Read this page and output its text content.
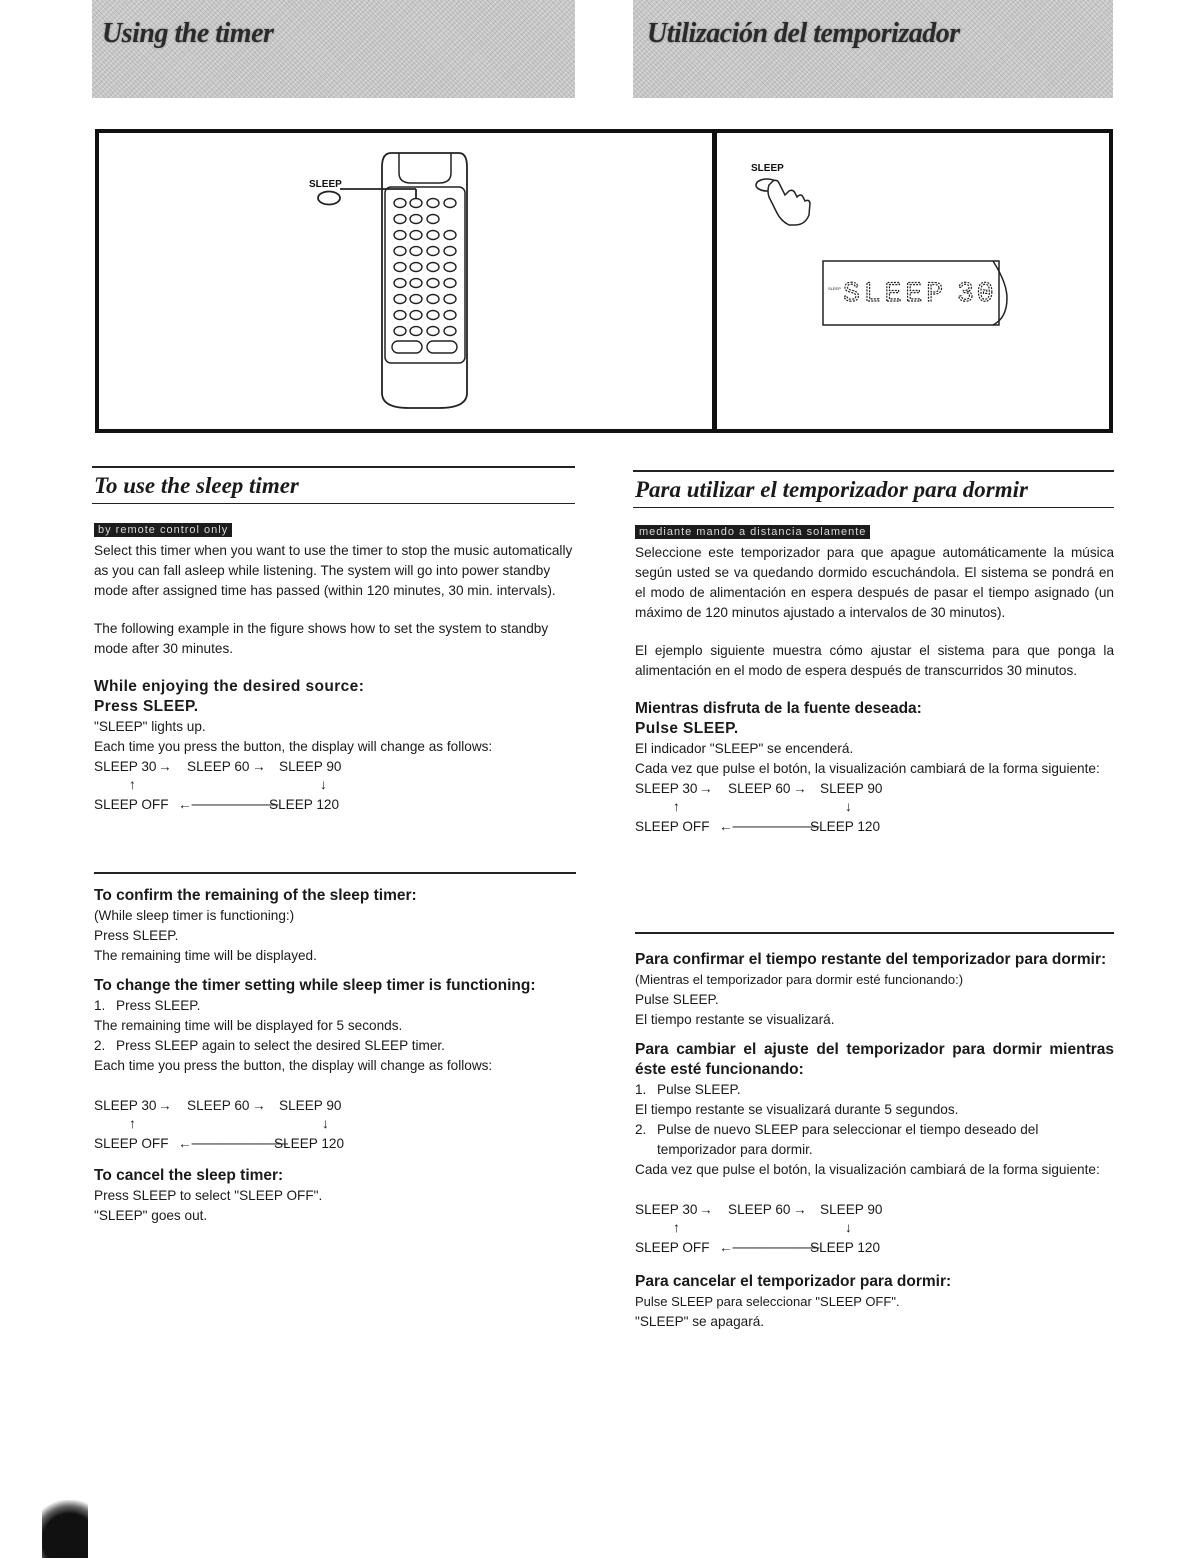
Using the timer	Utilización del temporizador
SLEEP
SLEEP
SLEEP SLEEP 30
To use the sleep timer
by remote control only

Select this timer when you want to use the timer to stop the music automatically as you can fall asleep while listening. The system will go into power standby mode after assigned time has passed (within 120 minutes, 30 min. intervals).

The following example in the figure shows how to set the system to standby mode after 30 minutes.

While enjoying the desired source:
Press SLEEP.

"SLEEP" lights up.

Each time you press the button, the display will change as follows:

SLEEP 30 → SLEEP 60 → SLEEP 90
↑	↓
SLEEP OFF ←─────────
SLEEP 120
To confirm the remaining of the sleep timer:

(While sleep timer is functioning:)

Press SLEEP.

The remaining time will be displayed.

To change the timer setting while sleep timer is functioning:

1. Press SLEEP.

The remaining time will be displayed for 5 seconds.

2. Press SLEEP again to select the desired SLEEP timer.

Each time you press the button, the display will change as follows:

SLEEP 30 → SLEEP 60 → SLEEP 90
↑	↓
SLEEP OFF ←──────────
SLEEP 120
To cancel the sleep timer:

Press SLEEP to select "SLEEP OFF".

"SLEEP" goes out.

Para utilizar el temporizador para dormir
mediante mando a distancia solamente

Seleccione este temporizador para que apague automáticamente la música según usted se va quedando dormido escuchándola. El sistema se pondrá en el modo de alimentación en espera después de pasar el tiempo asignado (un máximo de 120 minutos ajustado a intervalos de 30 minutos).

El ejemplo siguiente muestra cómo ajustar el sistema para que ponga la alimentación en el modo de espera después de transcurridos 30 minutos.

Mientras disfruta de la fuente deseada:
Pulse SLEEP.

El indicador "SLEEP" se encenderá.

Cada vez que pulse el botón, la visualización cambiará de la forma siguiente:

SLEEP 30 → SLEEP 60 → SLEEP 90
↑	↓
SLEEP OFF ←─────────
SLEEP 120
Para confirmar el tiempo restante del temporizador para dormir:

(Mientras el temporizador para dormir esté funcionando:)

Pulse SLEEP.

El tiempo restante se visualizará.

Para cambiar el ajuste del temporizador para dormir mientras éste esté funcionando:

1. Pulse SLEEP.

El tiempo restante se visualizará durante 5 segundos.

2. Pulse de nuevo SLEEP para seleccionar el tiempo deseado del temporizador para dormir.

Cada vez que pulse el botón, la visualización cambiará de la forma siguiente:

SLEEP 30 → SLEEP 60 → SLEEP 90
↑	↓
SLEEP OFF ←─────────
SLEEP 120
Para cancelar el temporizador para dormir:

Pulse SLEEP para seleccionar "SLEEP OFF".

"SLEEP" se apagará.
